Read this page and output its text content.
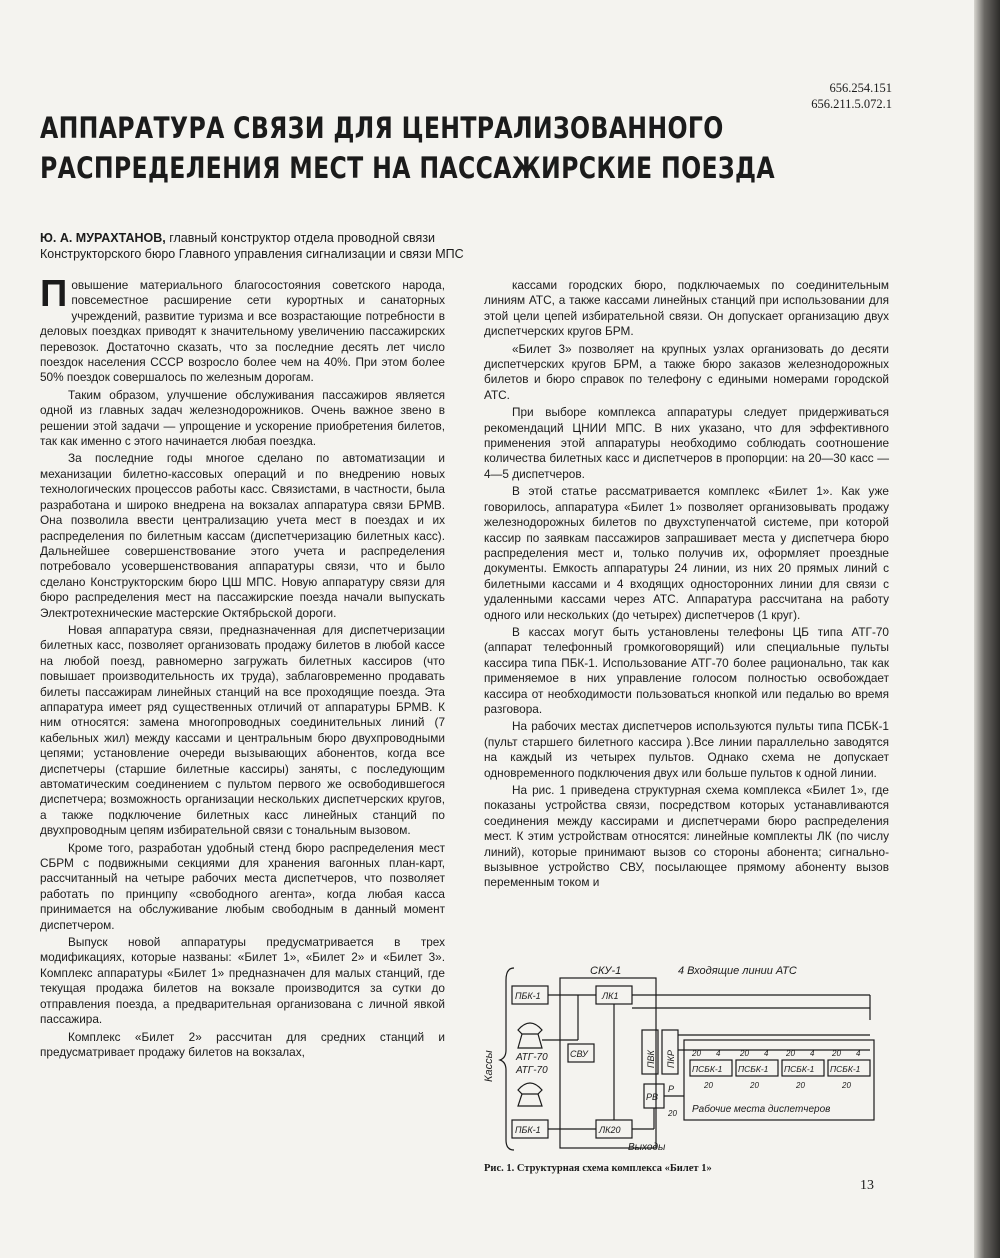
656.254.151
656.211.5.072.1
АППАРАТУРА СВЯЗИ ДЛЯ ЦЕНТРАЛИЗОВАННОГО
РАСПРЕДЕЛЕНИЯ МЕСТ НА ПАССАЖИРСКИЕ ПОЕЗДА
Ю. А. МУРАХТАНОВ, главный конструктор отдела проводной связи
Конструкторского бюро Главного управления сигнализации и связи МПС

Повышение материального благосостояния советского народа, повсеместное расширение сети курортных и санаторных учреждений, развитие туризма и все возрастающие потребности в деловых поездках приводят к значительному увеличению пассажирских перевозок. Достаточно сказать, что за последние десять лет число поездок населения СССР возросло более чем на 40%. При этом более 50% поездок совершалось по железным дорогам.

Таким образом, улучшение обслуживания пассажиров является одной из главных задач железнодорожников. Очень важное звено в решении этой задачи — упрощение и ускорение приобретения билетов, так как именно с этого начинается любая поездка.

За последние годы многое сделано по автоматизации и механизации билетно-кассовых операций и по внедрению новых технологических процессов работы касс. Связистами, в частности, была разработана и широко внедрена на вокзалах аппаратура связи БРМВ. Она позволила ввести централизацию учета мест в поездах и их распределения по билетным кассам (диспетчеризацию билетных касс). Дальнейшее совершенствование этого учета и распределения потребовало усовершенствования аппаратуры связи, что и было сделано Конструкторским бюро ЦШ МПС. Новую аппаратуру связи для бюро распределения мест на пассажирские поезда начали выпускать Электротехнические мастерские Октябрьской дороги.

Новая аппаратура связи, предназначенная для диспетчеризации билетных касс, позволяет организовать продажу билетов в любой кассе на любой поезд, равномерно загружать билетных кассиров (что повышает производительность их труда), заблаговременно продавать билеты пассажирам линейных станций на все проходящие поезда. Эта аппаратура имеет ряд существенных отличий от аппаратуры БРМВ. К ним относятся: замена многопроводных соединительных линий (7 кабельных жил) между кассами и центральным бюро двухпроводными цепями; установление очереди вызывающих абонентов, когда все диспетчеры (старшие билетные кассиры) заняты, с последующим автоматическим соединением с пультом первого же освободившегося диспетчера; возможность организации нескольких диспетчерских кругов, а также подключение билетных касс линейных станций по двухпроводным цепям избирательной связи с тональным вызовом.

Кроме того, разработан удобный стенд бюро распределения мест СБРМ с подвижными секциями для хранения вагонных план-карт, рассчитанный на четыре рабочих места диспетчеров, что позволяет работать по принципу «свободного агента», когда любая касса принимается на обслуживание любым свободным в данный момент диспетчером.

Выпуск новой аппаратуры предусматривается в трех модификациях, которые названы: «Билет 1», «Билет 2» и «Билет 3». Комплекс аппаратуры «Билет 1» предназначен для малых станций, где текущая продажа билетов на вокзале производится за сутки до отправления поезда, а предварительная организована с личной явкой пассажира.

Комплекс «Билет 2» рассчитан для средних станций и предусматривает продажу билетов на вокзалах,

кассами городских бюро, подключаемых по соединительным линиям АТС, а также кассами линейных станций при использовании для этой цели цепей избирательной связи. Он допускает организацию двух диспетчерских кругов БРМ.

«Билет 3» позволяет на крупных узлах организовать до десяти диспетчерских кругов БРМ, а также бюро заказов железнодорожных билетов и бюро справок по телефону с едиными номерами городской АТС.

При выборе комплекса аппаратуры следует придерживаться рекомендаций ЦНИИ МПС. В них указано, что для эффективного применения этой аппаратуры необходимо соблюдать соотношение количества билетных касс и диспетчеров в пропорции: на 20—30 касс — 4—5 диспетчеров.

В этой статье рассматривается комплекс «Билет 1». Как уже говорилось, аппаратура «Билет 1» позволяет организовывать продажу железнодорожных билетов по двухступенчатой системе, при которой кассир по заявкам пассажиров запрашивает места у диспетчера бюро распределения мест и, только получив их, оформляет проездные документы. Емкость аппаратуры 24 линии, из них 20 прямых линий с билетными кассами и 4 входящих односторонних линии для связи с удаленными кассами через АТС. Аппаратура рассчитана на работу одного или нескольких (до четырех) диспетчеров (1 круг).

В кассах могут быть установлены телефоны ЦБ типа АТГ-70 (аппарат телефонный громкоговорящий) или специальные пульты кассира типа ПБК-1. Использование АТГ-70 более рационально, так как применяемое в них управление голосом полностью освобождает кассира от необходимости пользоваться кнопкой или педалью во время разговора.

На рабочих местах диспетчеров используются пульты типа ПСБК-1 (пульт старшего билетного кассира ).Все линии параллельно заводятся на каждый из четырех пультов. Однако схема не допускает одновременного подключения двух или больше пультов к одной линии.

На рис. 1 приведена структурная схема комплекса «Билет 1», где показаны устройства связи, посредством которых устанавливаются соединения между кассирами и диспетчерами бюро распределения мест. К этим устройствам относятся: линейные комплекты ЛК (по числу линий), которые принимают вызов со стороны абонента; сигнально-вызывное устройство СВУ, посылающее прямому абоненту вызов переменным током и

Кассы
СКУ-1	4 Входящие линии АТС
ПБК-1	ЛК1
АТГ-70
АТГ-70
СВУ	ПВК ПКР
ПСБК-1 ПСБК-1 ПСБК-1 ПСБК-1
20 4 20 4 20 4 20 4
20	20	20	20
РВ
Р
20 Рабочие места диспетчеров
ПБК-1	ЛК20
Выходы

Рис. 1. Структурная схема комплекса «Билет 1»

13
